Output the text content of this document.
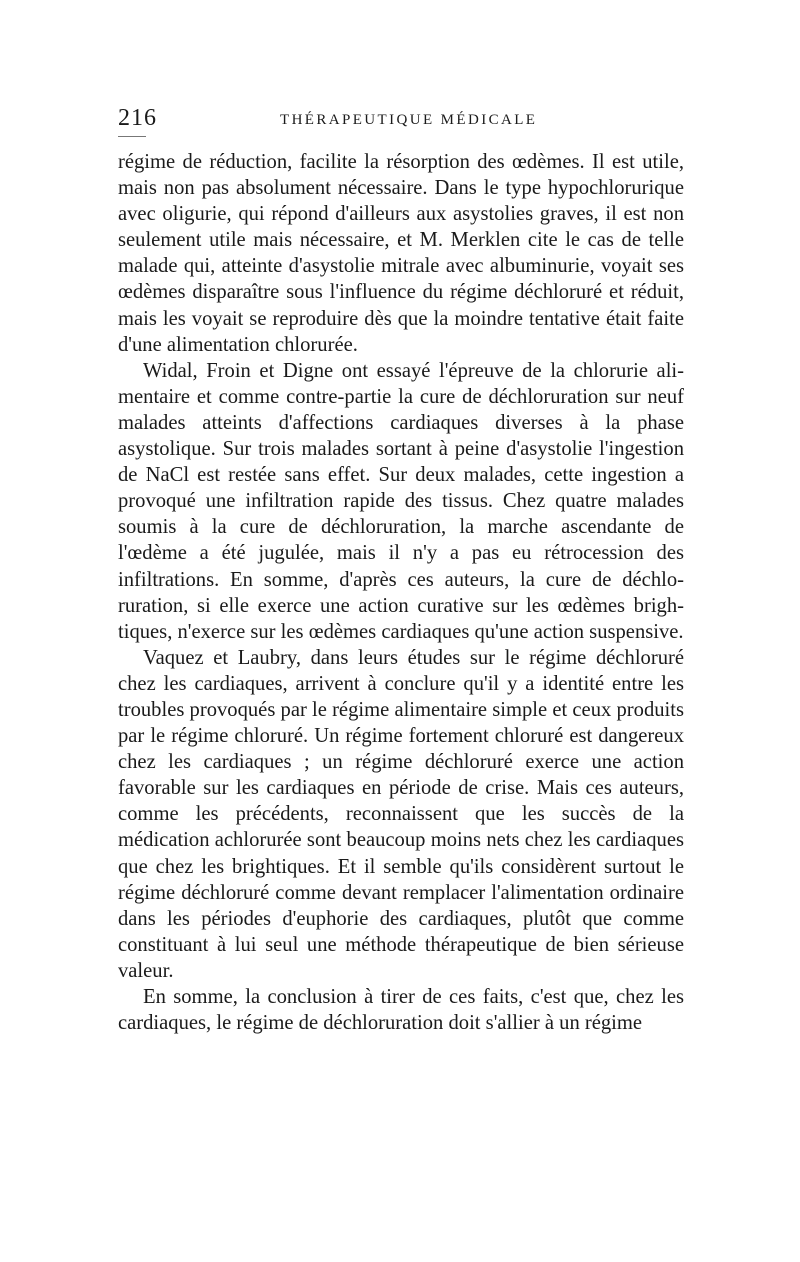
216	THÉRAPEUTIQUE MÉDICALE

régime de réduction, facilite la résorption des œdèmes. Il est utile, mais non pas absolument nécessaire. Dans le type hypochlorurique avec oligurie, qui répond d'ailleurs aux asystolies graves, il est non seulement utile mais nécessaire, et M. Merklen cite le cas de telle malade qui, atteinte d'asystolie mitrale avec albuminurie, voyait ses œdèmes disparaître sous l'influence du régime déchloruré et réduit, mais les voyait se reproduire dès que la moindre tentative était faite d'une alimentation chlorurée.

Widal, Froin et Digne ont essayé l'épreuve de la chlorurie alimentaire et comme contre-partie la cure de déchloruration sur neuf malades atteints d'affections cardiaques diverses à la phase asystolique. Sur trois malades sortant à peine d'asystolie l'ingestion de NaCl est restée sans effet. Sur deux malades, cette ingestion a provoqué une infiltration rapide des tissus. Chez quatre malades soumis à la cure de déchloruration, la marche ascendante de l'œdème a été jugulée, mais il n'y a pas eu rétrocession des infiltrations. En somme, d'après ces auteurs, la cure de déchloruration, si elle exerce une action curative sur les œdèmes brightiques, n'exerce sur les œdèmes cardiaques qu'une action suspensive.

Vaquez et Laubry, dans leurs études sur le régime déchloruré chez les cardiaques, arrivent à conclure qu'il y a identité entre les troubles provoqués par le régime alimentaire simple et ceux produits par le régime chloruré. Un régime fortement chloruré est dangereux chez les cardiaques ; un régime déchloruré exerce une action favorable sur les cardiaques en période de crise. Mais ces auteurs, comme les précédents, reconnaissent que les succès de la médication achlorurée sont beaucoup moins nets chez les cardiaques que chez les brightiques. Et il semble qu'ils considèrent surtout le régime déchloruré comme devant remplacer l'alimentation ordinaire dans les périodes d'euphorie des cardiaques, plutôt que comme constituant à lui seul une méthode thérapeutique de bien sérieuse valeur.

En somme, la conclusion à tirer de ces faits, c'est que, chez les cardiaques, le régime de déchloruration doit s'allier à un régime
